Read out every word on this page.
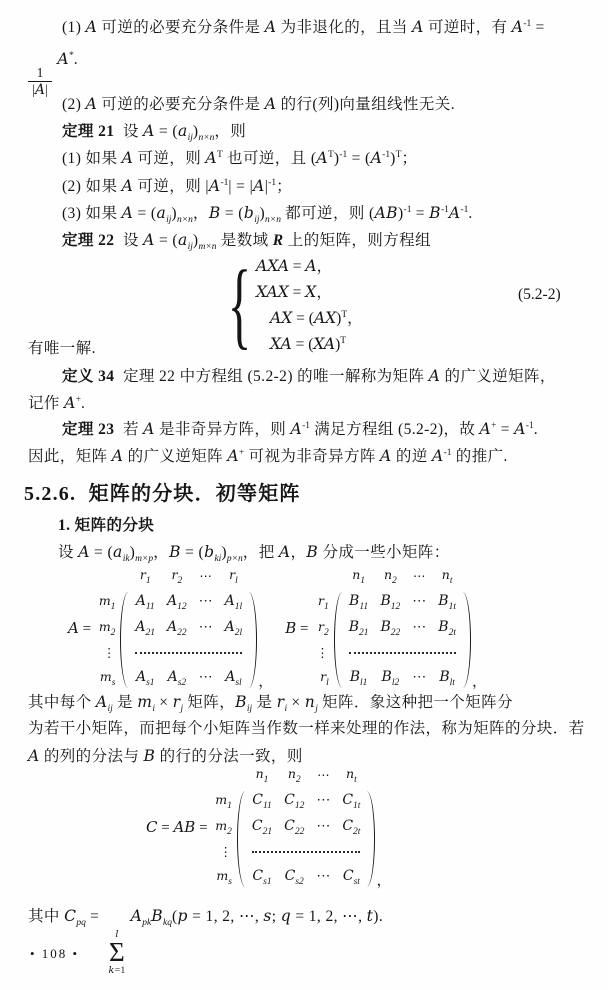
(1) A 可逆的必要充分条件是 A 为非退化的，且当 A 可逆时，有 $A^{-1}$ =
$\frac{1}{|A|}$
A*.
(2) A 可逆的必要充分条件是 A 的行(列)向量组线性无关.
定理 21  设 $A = (a_{ij})_{n\times n}$，则
(1) 如果 A 可逆，则 $A^T$ 也可逆，且 $(A^T)^{-1} = (A^{-1})^T$；
(2) 如果 A 可逆，则 $|A^{-1}| = |A|^{-1}$；
(3) 如果 $A = (a_{ij})_{n\times n}$，$B = (b_{ij})_{n\times n}$ 都可逆，则 $(AB)^{-1} = B^{-1}A^{-1}$.
定理 22  设 $A = (a_{ij})_{m\times n}$ 是数域 R 上的矩阵，则方程组
{ AXA = A，
XAX = X，
AX = (AX)$^T$，
XA = (XA)$^T$
(5.2-2)
有唯一解.
定义 34  定理 22 中方程组 (5.2-2) 的唯一解称为矩阵 A 的广义逆矩阵，
记作 A+.
定理 23  若 A 是非奇异方阵，则 $A^{-1}$ 满足方程组 (5.2-2)，故 $A^+ = A^{-1}$.
因此，矩阵 A 的广义逆矩阵 A+ 可视为非奇异方阵 A 的逆 $A^{-1}$ 的推广.
5.2.6.  矩阵的分块．初等矩阵
1. 矩阵的分块
设 $A = (a_{ik})_{m\times p}$，$B = (b_{ki})_{p\times n}$，把 A，B 分成一些小矩阵：
A =
		$r_1$	$r_2$	⋯	$r_l$	
$m_1$		$A_{11}$	$A_{12}$	⋯	$A_{1l}$	

$m_2$		$A_{21}$	$A_{22}$	⋯	$A_{2l}$
⋮						

$m_s$		$A_{s1}$	$A_{s2}$	⋯	$A_{sl}$ ，
B =
		$n_1$	$n_2$	⋯	$n_t$	
$r_1$		$B_{11}$	$B_{12}$	⋯	$B_{1t}$	

$r_2$		$B_{21}$	$B_{22}$	⋯	$B_{2t}$
⋮						

$r_l$		$B_{l1}$	$B_{l2}$	⋯	$B_{lt}$ ，
其中每个 $A_{ij}$ 是 $m_i \times r_j$ 矩阵，$B_{ij}$ 是 $r_i \times n_j$ 矩阵．象这种把一个矩阵分
为若干小矩阵，而把每个小矩阵当作数一样来处理的作法，称为矩阵的分块．若
A 的列的分法与 B 的行的分法一致，则
C = AB =
		$n_1$	$n_2$	⋯	$n_t$	
$m_1$		$C_{11}$	$C_{12}$	⋯	$C_{1t}$	

$m_2$		$C_{21}$	$C_{22}$	⋯	$C_{2t}$
⋮						

$m_s$		$C_{s1}$	$C_{s2}$	⋯	$C_{st}$ ，
其中 $C_{pq}$ =
l
Σ
k=1
$A_{pk}B_{kq}(p = 1$, 2, ⋯, s; q = 1, 2, ⋯, t).
• 108 •
